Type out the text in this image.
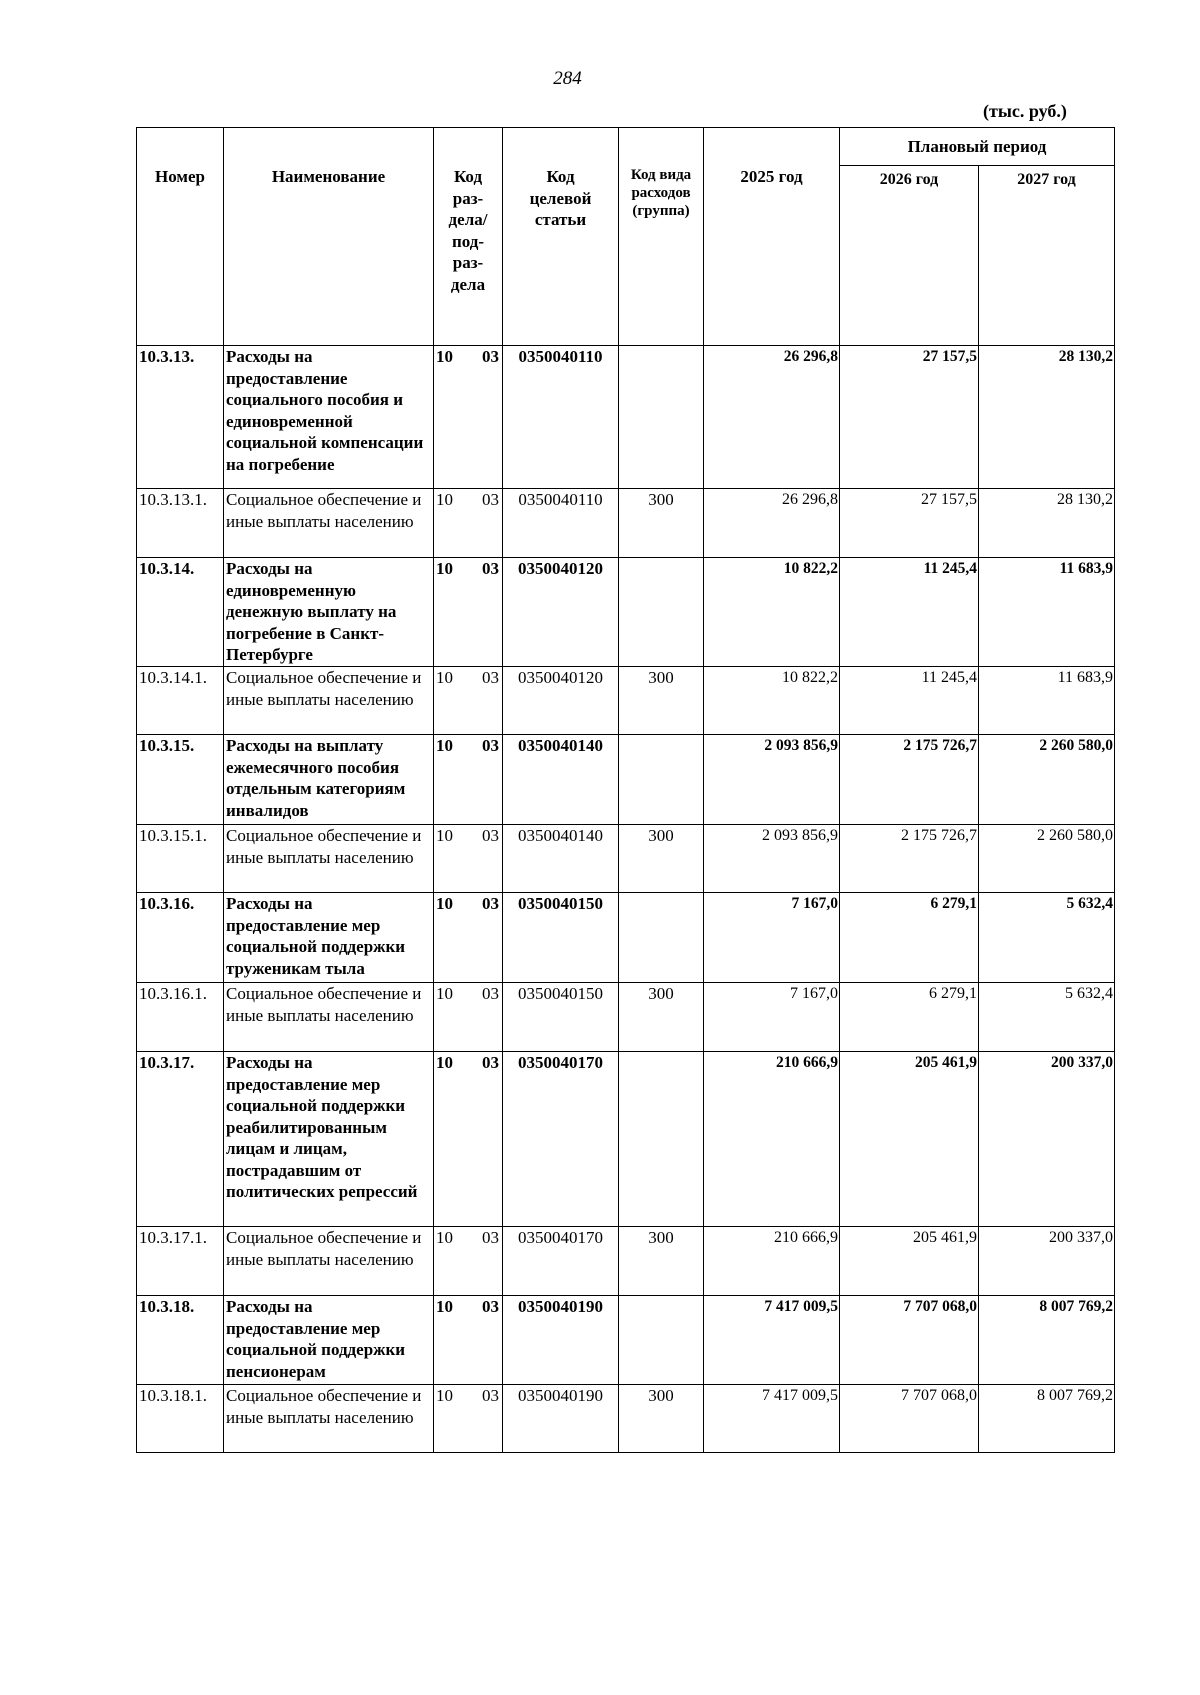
284
(тыс. руб.)
Номер	Наименование	Код раз-дела/ под-раз-дела	Код целевой статьи	Код вида расходов (группа)	2025 год	Плановый период	
						2026 год	2027 год
10.3.13.	Расходы на предоставление социального пособия и единовременной социальной компенсации на погребение	10 03	0350040110		26 296,8	27 157,5	28 130,2
10.3.13.1.	Социальное обеспечение и иные выплаты населению	10 03	0350040110	300	26 296,8	27 157,5	28 130,2
10.3.14.	Расходы на единовременную денежную выплату на погребение в Санкт-Петербурге	10 03	0350040120		10 822,2	11 245,4	11 683,9
10.3.14.1.	Социальное обеспечение и иные выплаты населению	10 03	0350040120	300	10 822,2	11 245,4	11 683,9
10.3.15.	Расходы на выплату ежемесячного пособия отдельным категориям инвалидов	10 03	0350040140		2 093 856,9	2 175 726,7	2 260 580,0
10.3.15.1.	Социальное обеспечение и иные выплаты населению	10 03	0350040140	300	2 093 856,9	2 175 726,7	2 260 580,0
10.3.16.	Расходы на предоставление мер социальной поддержки труженикам тыла	10 03	0350040150		7 167,0	6 279,1	5 632,4
10.3.16.1.	Социальное обеспечение и иные выплаты населению	10 03	0350040150	300	7 167,0	6 279,1	5 632,4
10.3.17.	Расходы на предоставление мер социальной поддержки реабилитированным лицам и лицам, пострадавшим от политических репрессий	10 03	0350040170		210 666,9	205 461,9	200 337,0
10.3.17.1.	Социальное обеспечение и иные выплаты населению	10 03	0350040170	300	210 666,9	205 461,9	200 337,0
10.3.18.	Расходы на предоставление мер социальной поддержки пенсионерам	10 03	0350040190		7 417 009,5	7 707 068,0	8 007 769,2
10.3.18.1.	Социальное обеспечение и иные выплаты населению	10 03	0350040190	300	7 417 009,5	7 707 068,0	8 007 769,2
